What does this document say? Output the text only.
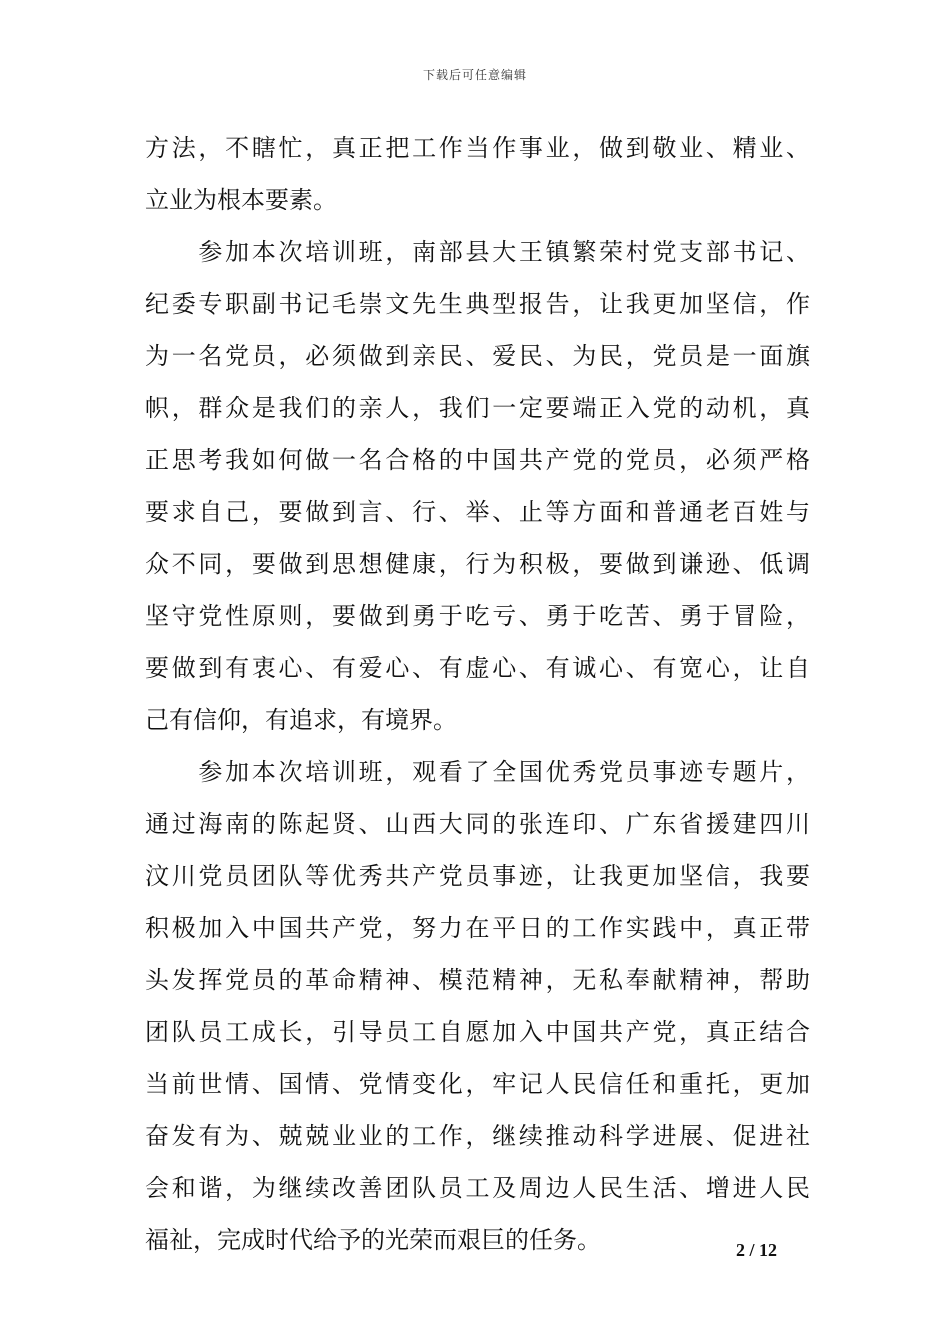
下载后可任意编辑
方法，不瞎忙，真正把工作当作事业，做到敬业、精业、
立业为根本要素。
　　参加本次培训班，南部县大王镇繁荣村党支部书记、
纪委专职副书记毛崇文先生典型报告，让我更加坚信，作
为一名党员，必须做到亲民、爱民、为民，党员是一面旗
帜，群众是我们的亲人，我们一定要端正入党的动机，真
正思考我如何做一名合格的中国共产党的党员，必须严格
要求自己，要做到言、行、举、止等方面和普通老百姓与
众不同，要做到思想健康，行为积极，要做到谦逊、低调
坚守党性原则，要做到勇于吃亏、勇于吃苦、勇于冒险，
要做到有衷心、有爱心、有虚心、有诚心、有宽心，让自
己有信仰，有追求，有境界。
　　参加本次培训班，观看了全国优秀党员事迹专题片，
通过海南的陈起贤、山西大同的张连印、广东省援建四川
汶川党员团队等优秀共产党员事迹，让我更加坚信，我要
积极加入中国共产党，努力在平日的工作实践中，真正带
头发挥党员的革命精神、模范精神，无私奉献精神，帮助
团队员工成长，引导员工自愿加入中国共产党，真正结合
当前世情、国情、党情变化，牢记人民信任和重托，更加
奋发有为、兢兢业业的工作，继续推动科学进展、促进社
会和谐，为继续改善团队员工及周边人民生活、增进人民
福祉，完成时代给予的光荣而艰巨的任务。	2 / 12
